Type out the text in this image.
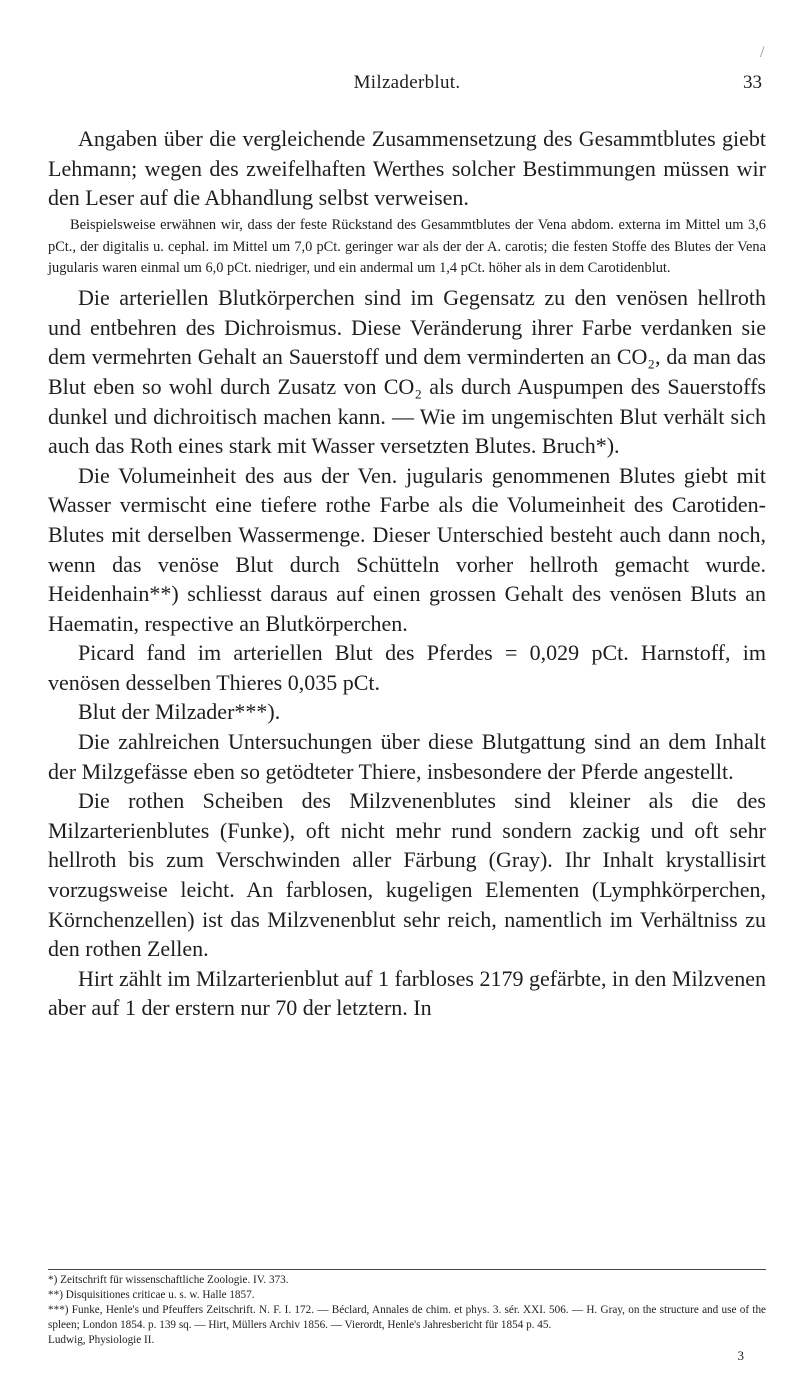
Milzaderblut.	33
/

Angaben über die vergleichende Zusammensetzung des Gesammtblutes giebt Lehmann; wegen des zweifelhaften Werthes solcher Bestimmungen müssen wir den Leser auf die Abhandlung selbst verweisen.

Beispielsweise erwähnen wir, dass der feste Rückstand des Gesammtblutes der Vena abdom. externa im Mittel um 3,6 pCt., der digitalis u. cephal. im Mittel um 7,0 pCt. geringer war als der der A. carotis; die festen Stoffe des Blutes der Vena jugularis waren einmal um 6,0 pCt. niedriger, und ein andermal um 1,4 pCt. höher als in dem Carotidenblut.

Die arteriellen Blutkörperchen sind im Gegensatz zu den venösen hellroth und entbehren des Dichroismus. Diese Veränderung ihrer Farbe verdanken sie dem vermehrten Gehalt an Sauerstoff und dem verminderten an CO₂, da man das Blut eben so wohl durch Zusatz von CO₂ als durch Auspumpen des Sauerstoffs dunkel und dichroitisch machen kann. — Wie im ungemischten Blut verhält sich auch das Roth eines stark mit Wasser versetzten Blutes. Bruch*).

Die Volumeinheit des aus der Ven. jugularis genommenen Blutes giebt mit Wasser vermischt eine tiefere rothe Farbe als die Volumeinheit des Carotiden-Blutes mit derselben Wassermenge. Dieser Unterschied besteht auch dann noch, wenn das venöse Blut durch Schütteln vorher hellroth gemacht wurde. Heidenhain**) schliesst daraus auf einen grossen Gehalt des venösen Bluts an Haematin, respective an Blutkörperchen.

Picard fand im arteriellen Blut des Pferdes = 0,029 pCt. Harnstoff, im venösen desselben Thieres 0,035 pCt.

Blut der Milzader***).

Die zahlreichen Untersuchungen über diese Blutgattung sind an dem Inhalt der Milzgefässe eben so getödteter Thiere, insbesondere der Pferde angestellt.

Die rothen Scheiben des Milzvenenblutes sind kleiner als die des Milzarterienblutes (Funke), oft nicht mehr rund sondern zackig und oft sehr hellroth bis zum Verschwinden aller Färbung (Gray). Ihr Inhalt krystallisirt vorzugsweise leicht. An farblosen, kugeligen Elementen (Lymphkörperchen, Körnchenzellen) ist das Milzvenenblut sehr reich, namentlich im Verhältniss zu den rothen Zellen.

Hirt zählt im Milzarterienblut auf 1 farbloses 2179 gefärbte, in den Milzvenen aber auf 1 der erstern nur 70 der letztern. In

*) Zeitschrift für wissenschaftliche Zoologie. IV. 373.

**) Disquisitiones criticae u. s. w. Halle 1857.

***) Funke, Henle's und Pfeuffers Zeitschrift. N. F. I. 172. — Béclard, Annales de chim. et phys. 3. sér. XXI. 506. — H. Gray, on the structure and use of the spleen; London 1854. p. 139 sq. — Hirt, Müllers Archiv 1856. — Vierordt, Henle's Jahresbericht für 1854 p. 45.

Ludwig, Physiologie II.

3
